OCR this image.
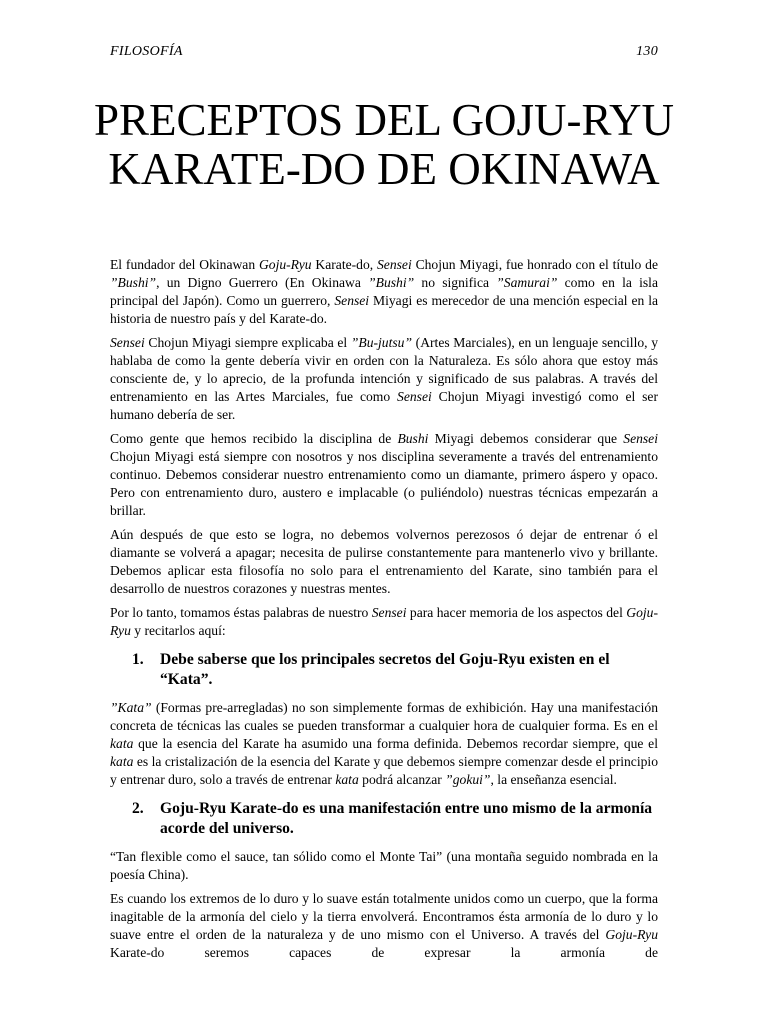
FILOSOFÍA	130
PRECEPTOS DEL GOJU-RYU KARATE-DO DE OKINAWA

El fundador del Okinawan Goju-Ryu Karate-do, Sensei Chojun Miyagi, fue honrado con el título de ”Bushi”, un Digno Guerrero (En Okinawa ”Bushi” no significa ”Samurai” como en la isla principal del Japón). Como un guerrero, Sensei Miyagi es merecedor de una mención especial en la historia de nuestro país y del Karate-do.

Sensei Chojun Miyagi siempre explicaba el ”Bu-jutsu” (Artes Marciales), en un lenguaje sencillo, y hablaba de como la gente debería vivir en orden con la Naturaleza. Es sólo ahora que estoy más consciente de, y lo aprecio, de la profunda intención y significado de sus palabras. A través del entrenamiento en las Artes Marciales, fue como Sensei Chojun Miyagi investigó como el ser humano debería de ser.

Como gente que hemos recibido la disciplina de Bushi Miyagi debemos considerar que Sensei Chojun Miyagi está siempre con nosotros y nos disciplina severamente a través del entrenamiento continuo. Debemos considerar nuestro entrenamiento como un diamante, primero áspero y opaco. Pero con entrenamiento duro, austero e implacable (o puliéndolo) nuestras técnicas empezarán a brillar.

Aún después de que esto se logra, no debemos volvernos perezosos ó dejar de entrenar ó el diamante se volverá a apagar; necesita de pulirse constantemente para mantenerlo vivo y brillante. Debemos aplicar esta filosofía no solo para el entrenamiento del Karate, sino también para el desarrollo de nuestros corazones y nuestras mentes.

Por lo tanto, tomamos éstas palabras de nuestro Sensei para hacer memoria de los aspectos del Goju-Ryu y recitarlos aquí:

1.	Debe saberse que los principales secretos del Goju-Ryu existen en el “Kata”.

”Kata” (Formas pre-arregladas) no son simplemente formas de exhibición. Hay una manifestación concreta de técnicas las cuales se pueden transformar a cualquier hora de cualquier forma. Es en el kata que la esencia del Karate ha asumido una forma definida. Debemos recordar siempre, que el kata es la cristalización de la esencia del Karate y que debemos siempre comenzar desde el principio y entrenar duro, solo a través de entrenar kata podrá alcanzar ”gokui”, la enseñanza esencial.

2.	Goju-Ryu Karate-do es una manifestación entre uno mismo de la armonía acorde del universo.

“Tan flexible como el sauce, tan sólido como el Monte Tai” (una montaña seguido nombrada en la poesía China).

Es cuando los extremos de lo duro y lo suave están totalmente unidos como un cuerpo, que la forma inagitable de la armonía del cielo y la tierra envolverá. Encontramos ésta armonía de lo duro y lo suave entre el orden de la naturaleza y de uno mismo con el Universo. A través del Goju-Ryu Karate-do seremos capaces de expresar la armonía de
